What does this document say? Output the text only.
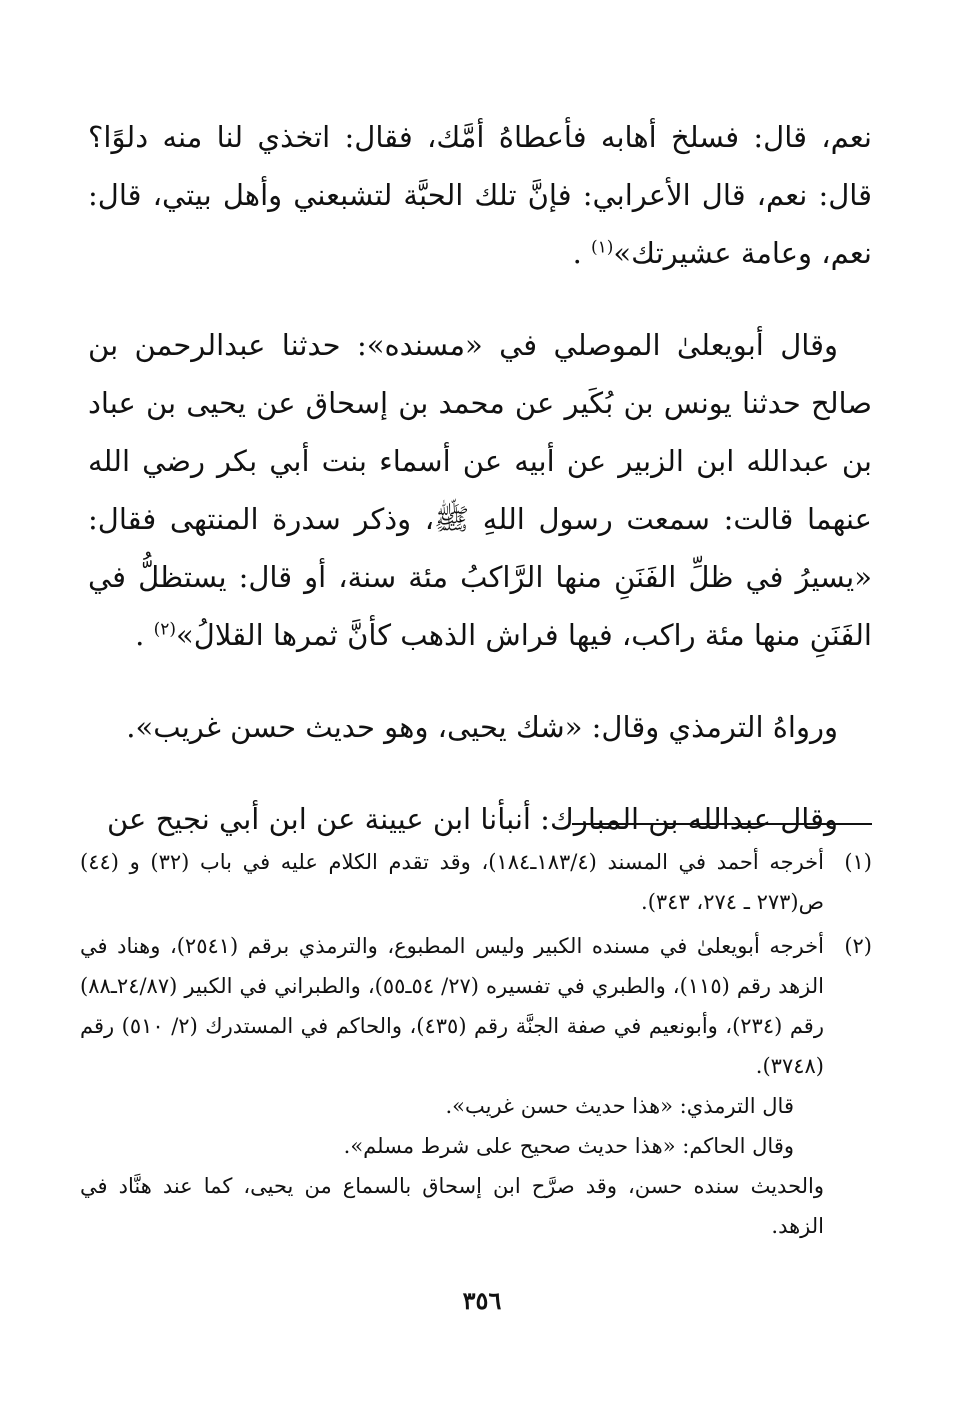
نعم، قال: فسلخ أهابه فأعطاهُ أمَّك، فقال: اتخذي لنا منه دلوًا؟ قال: نعم، قال الأعرابي: فإنَّ تلك الحبَّة لتشبعني وأهل بيتي، قال: نعم، وعامة عشيرتك»$^{(١)}$ .

وقال أبويعلىٰ الموصلي في «مسنده»: حدثنا عبدالرحمن بن صالح حدثنا يونس بن بُكَير عن محمد بن إسحاق عن يحيى بن عباد بن عبدالله ابن الزبير عن أبيه عن أسماء بنت أبي بكر رضي الله عنهما قالت: سمعت رسول اللهِ ﷺ، وذكر سدرة المنتهى فقال: «يسيرُ في ظلِّ الفَنَنِ منها الرَّاكبُ مئة سنة، أو قال: يستظلُّ في الفَنَنِ منها مئة راكب، فيها فراش الذهب كأنَّ ثمرها القلالُ»$^{(٢)}$ .

ورواهُ الترمذي وقال: «شك يحيى، وهو حديث حسن غريب».

وقال عبدالله بن المبارك: أنبأنا ابن عيينة عن ابن أبي نجيح عن

(١)

أخرجه أحمد في المسند (١٨٣/٤ـ١٨٤)، وقد تقدم الكلام عليه في باب (٣٢) و (٤٤) ص(٢٧٣ ـ ٢٧٤، ٣٤٣).

(٢)

أخرجه أبويعلىٰ في مسنده الكبير وليس المطبوع، والترمذي برقم (٢٥٤١)، وهناد في الزهد رقم (١١٥)، والطبري في تفسيره (٢٧/ ٥٤ـ٥٥)، والطبراني في الكبير (٢٤/٨٧ـ٨٨) رقم (٢٣٤)، وأبونعيم في صفة الجنَّة رقم (٤٣٥)، والحاكم في المستدرك (٢/ ٥١٠) رقم (٣٧٤٨).

قال الترمذي: «هذا حديث حسن غريب».

وقال الحاكم: «هذا حديث صحيح على شرط مسلم».

والحديث سنده حسن، وقد صرَّح ابن إسحاق بالسماع من يحيى، كما عند هنَّاد في الزهد.

٣٥٦
